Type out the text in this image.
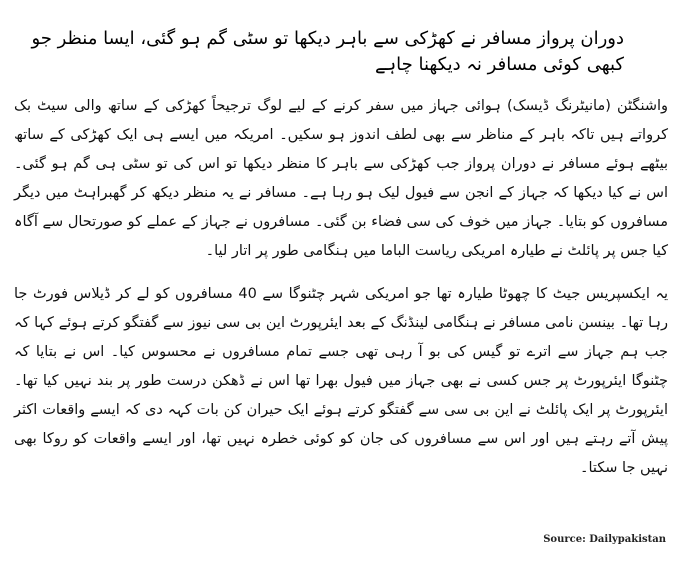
دوران پرواز مسافر نے کھڑکی سے باہر دیکھا تو سٹی گم ہو گئی، ایسا منظر جو کبھی کوئی مسافر نہ دیکھنا چاہے

واشنگٹن (مانیٹرنگ ڈیسک) ہوائی جہاز میں سفر کرنے کے لیے لوگ ترجیحاً کھڑکی کے ساتھ والی سیٹ بک کرواتے ہیں تاکہ باہر کے مناظر سے بھی لطف اندوز ہو سکیں۔ امریکہ میں ایسے ہی ایک کھڑکی کے ساتھ بیٹھے ہوئے مسافر نے دوران پرواز جب کھڑکی سے باہر کا منظر دیکھا تو اس کی تو سٹی ہی گم ہو گئی۔ اس نے کیا دیکھا کہ جہاز کے انجن سے فیول لیک ہو رہا ہے۔ مسافر نے یہ منظر دیکھ کر گھبراہٹ میں دیگر مسافروں کو بتایا۔ جہاز میں خوف کی سی فضاء بن گئی۔ مسافروں نے جہاز کے عملے کو صورتحال سے آگاہ کیا جس پر پائلٹ نے طیارہ امریکی ریاست الباما میں ہنگامی طور پر اتار لیا۔

یہ ایکسپریس جیٹ کا چھوٹا طیارہ تھا جو امریکی شہر چٹنوگا سے 40 مسافروں کو لے کر ڈیلاس فورٹ جا رہا تھا۔ بینسن نامی مسافر نے ہنگامی لینڈنگ کے بعد ایئرپورٹ این بی سی نیوز سے گفتگو کرتے ہوئے کہا کہ جب ہم جہاز سے اترے تو گیس کی بو آ رہی تھی جسے تمام مسافروں نے محسوس کیا۔ اس نے بتایا کہ چٹنوگا ایئرپورٹ پر جس کسی نے بھی جہاز میں فیول بھرا تھا اس نے ڈھکن درست طور پر بند نہیں کیا تھا۔ ایئرپورٹ پر ایک پائلٹ نے این بی سی سے گفتگو کرتے ہوئے ایک حیران کن بات کہہ دی کہ ایسے واقعات اکثر پیش آتے رہتے ہیں اور اس سے مسافروں کی جان کو کوئی خطرہ نہیں تھا، اور ایسے واقعات کو روکا بھی نہیں جا سکتا۔

Source: Dailypakistan
